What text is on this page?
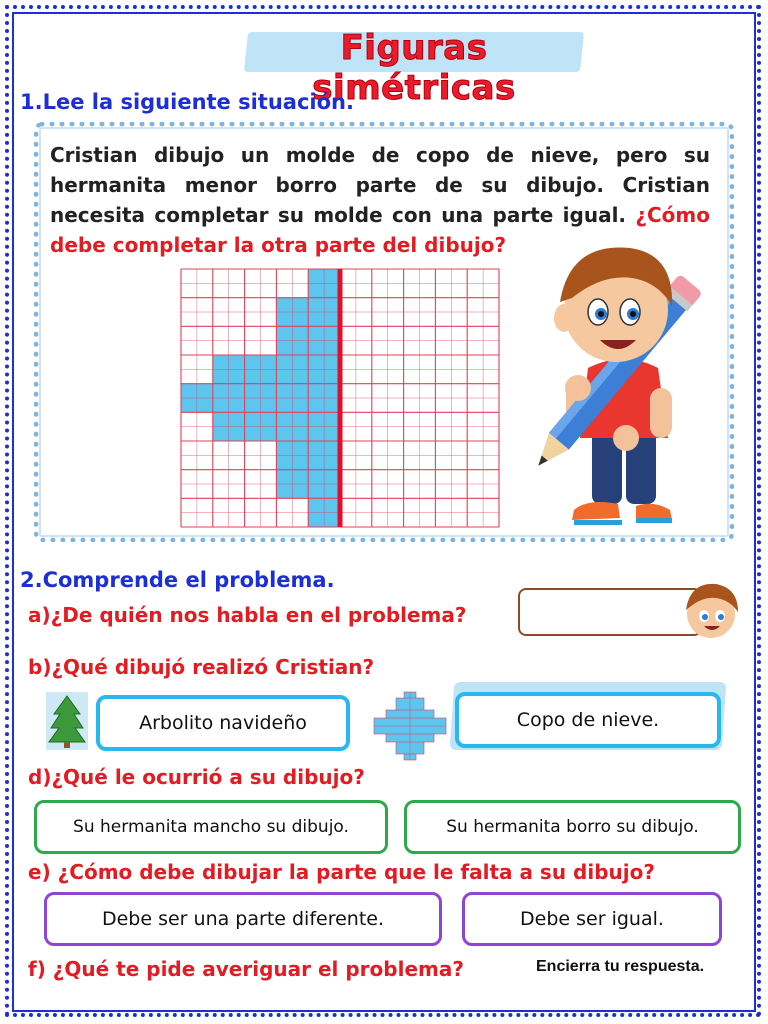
Figuras simétricas
1.Lee la siguiente situación.
Cristian dibujo un molde de copo de nieve, pero su hermanita menor borro parte de su dibujo. Cristian necesita completar su molde con una parte igual. ¿Cómo debe completar la otra parte del dibujo?
2.Comprende el problema.
a)¿De quién nos habla en el problema?
b)¿Qué dibujó realizó Cristian?
Arbolito navideño	Copo de nieve.
d)¿Qué le ocurrió a su dibujo?
Su hermanita mancho su dibujo.	Su hermanita borro su dibujo.
e) ¿Cómo debe dibujar la parte que le falta a su dibujo?
Debe ser una parte diferente.	Debe ser igual.
f) ¿Qué te pide averiguar el problema?	Encierra tu respuesta.
